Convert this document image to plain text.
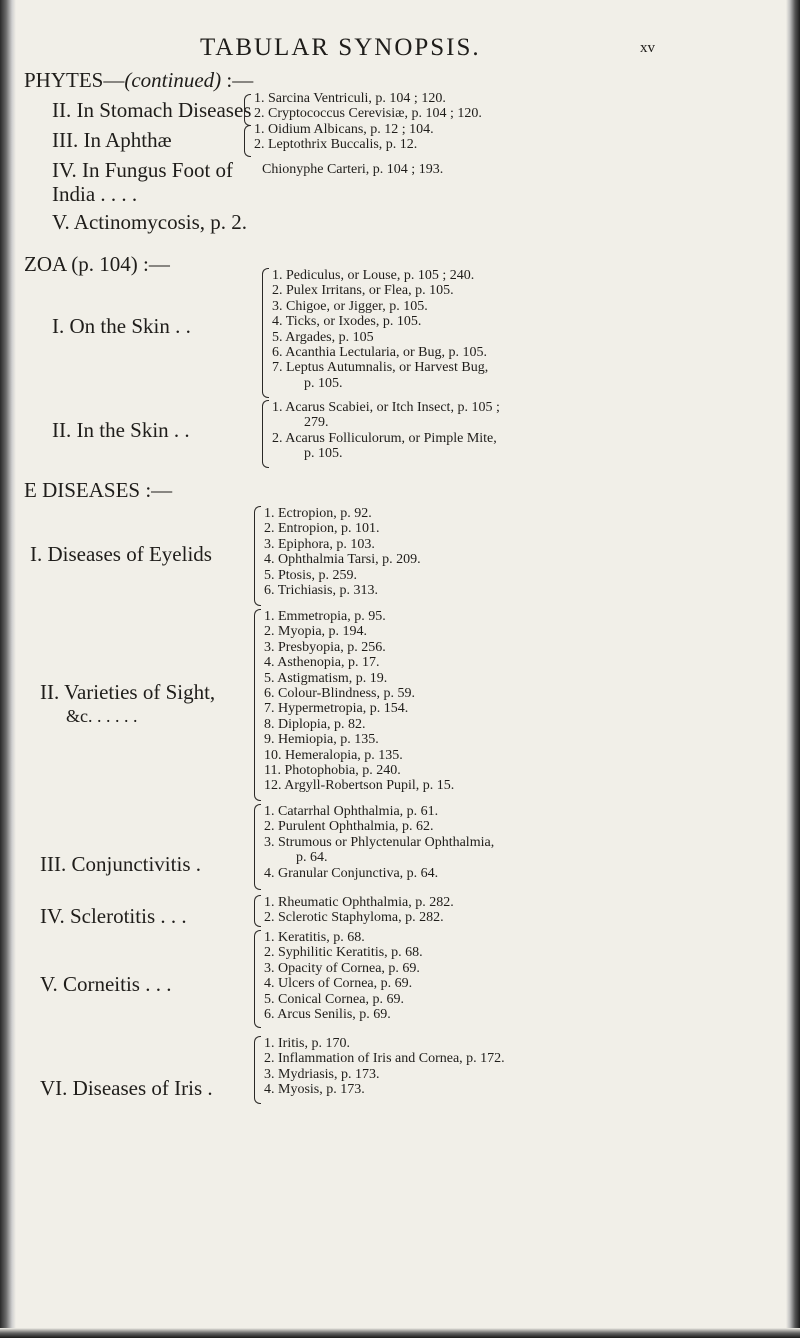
TABULAR SYNOPSIS.	xv
PHYTES—(continued) :—
II. In Stomach Diseases 1. Sarcina Ventriculi, p. 104 ; 120.
2. Cryptococcus Cerevisiæ, p. 104 ; 120.
III. In Aphthæ	1. Oidium Albicans, p. 12 ; 104.
2. Leptothrix Buccalis, p. 12.
IV. In Fungus Foot of
India . . . .
Chionyphe Carteri, p. 104 ; 193.
V. Actinomycosis, p. 2.
ZOA (p. 104) :—
I. On the Skin . .
1. Pediculus, or Louse, p. 105 ; 240.
2. Pulex Irritans, or Flea, p. 105.
3. Chigoe, or Jigger, p. 105.
4. Ticks, or Ixodes, p. 105.
5. Argades, p. 105
6. Acanthia Lectularia, or Bug, p. 105.
7. Leptus Autumnalis, or Harvest Bug,
p. 105.
II. In the Skin . .
1. Acarus Scabiei, or Itch Insect, p. 105 ;
279.
2. Acarus Folliculorum, or Pimple Mite,
p. 105.
E DISEASES :—
I. Diseases of Eyelids
1. Ectropion, p. 92.
2. Entropion, p. 101.
3. Epiphora, p. 103.
4. Ophthalmia Tarsi, p. 209.
5. Ptosis, p. 259.
6. Trichiasis, p. 313.
II. Varieties of Sight,
&c. . . . . .
1. Emmetropia, p. 95.
2. Myopia, p. 194.
3. Presbyopia, p. 256.
4. Asthenopia, p. 17.
5. Astigmatism, p. 19.
6. Colour-Blindness, p. 59.
7. Hypermetropia, p. 154.
8. Diplopia, p. 82.
9. Hemiopia, p. 135.
10. Hemeralopia, p. 135.
11. Photophobia, p. 240.
12. Argyll-Robertson Pupil, p. 15.
III. Conjunctivitis .
1. Catarrhal Ophthalmia, p. 61.
2. Purulent Ophthalmia, p. 62.
3. Strumous or Phlyctenular Ophthalmia,
p. 64.
4. Granular Conjunctiva, p. 64.
IV. Sclerotitis . . .
1. Rheumatic Ophthalmia, p. 282.
2. Sclerotic Staphyloma, p. 282.
V. Corneitis . . .
1. Keratitis, p. 68.
2. Syphilitic Keratitis, p. 68.
3. Opacity of Cornea, p. 69.
4. Ulcers of Cornea, p. 69.
5. Conical Cornea, p. 69.
6. Arcus Senilis, p. 69.
VI. Diseases of Iris .
1. Iritis, p. 170.
2. Inflammation of Iris and Cornea, p. 172.
3. Mydriasis, p. 173.
4. Myosis, p. 173.
